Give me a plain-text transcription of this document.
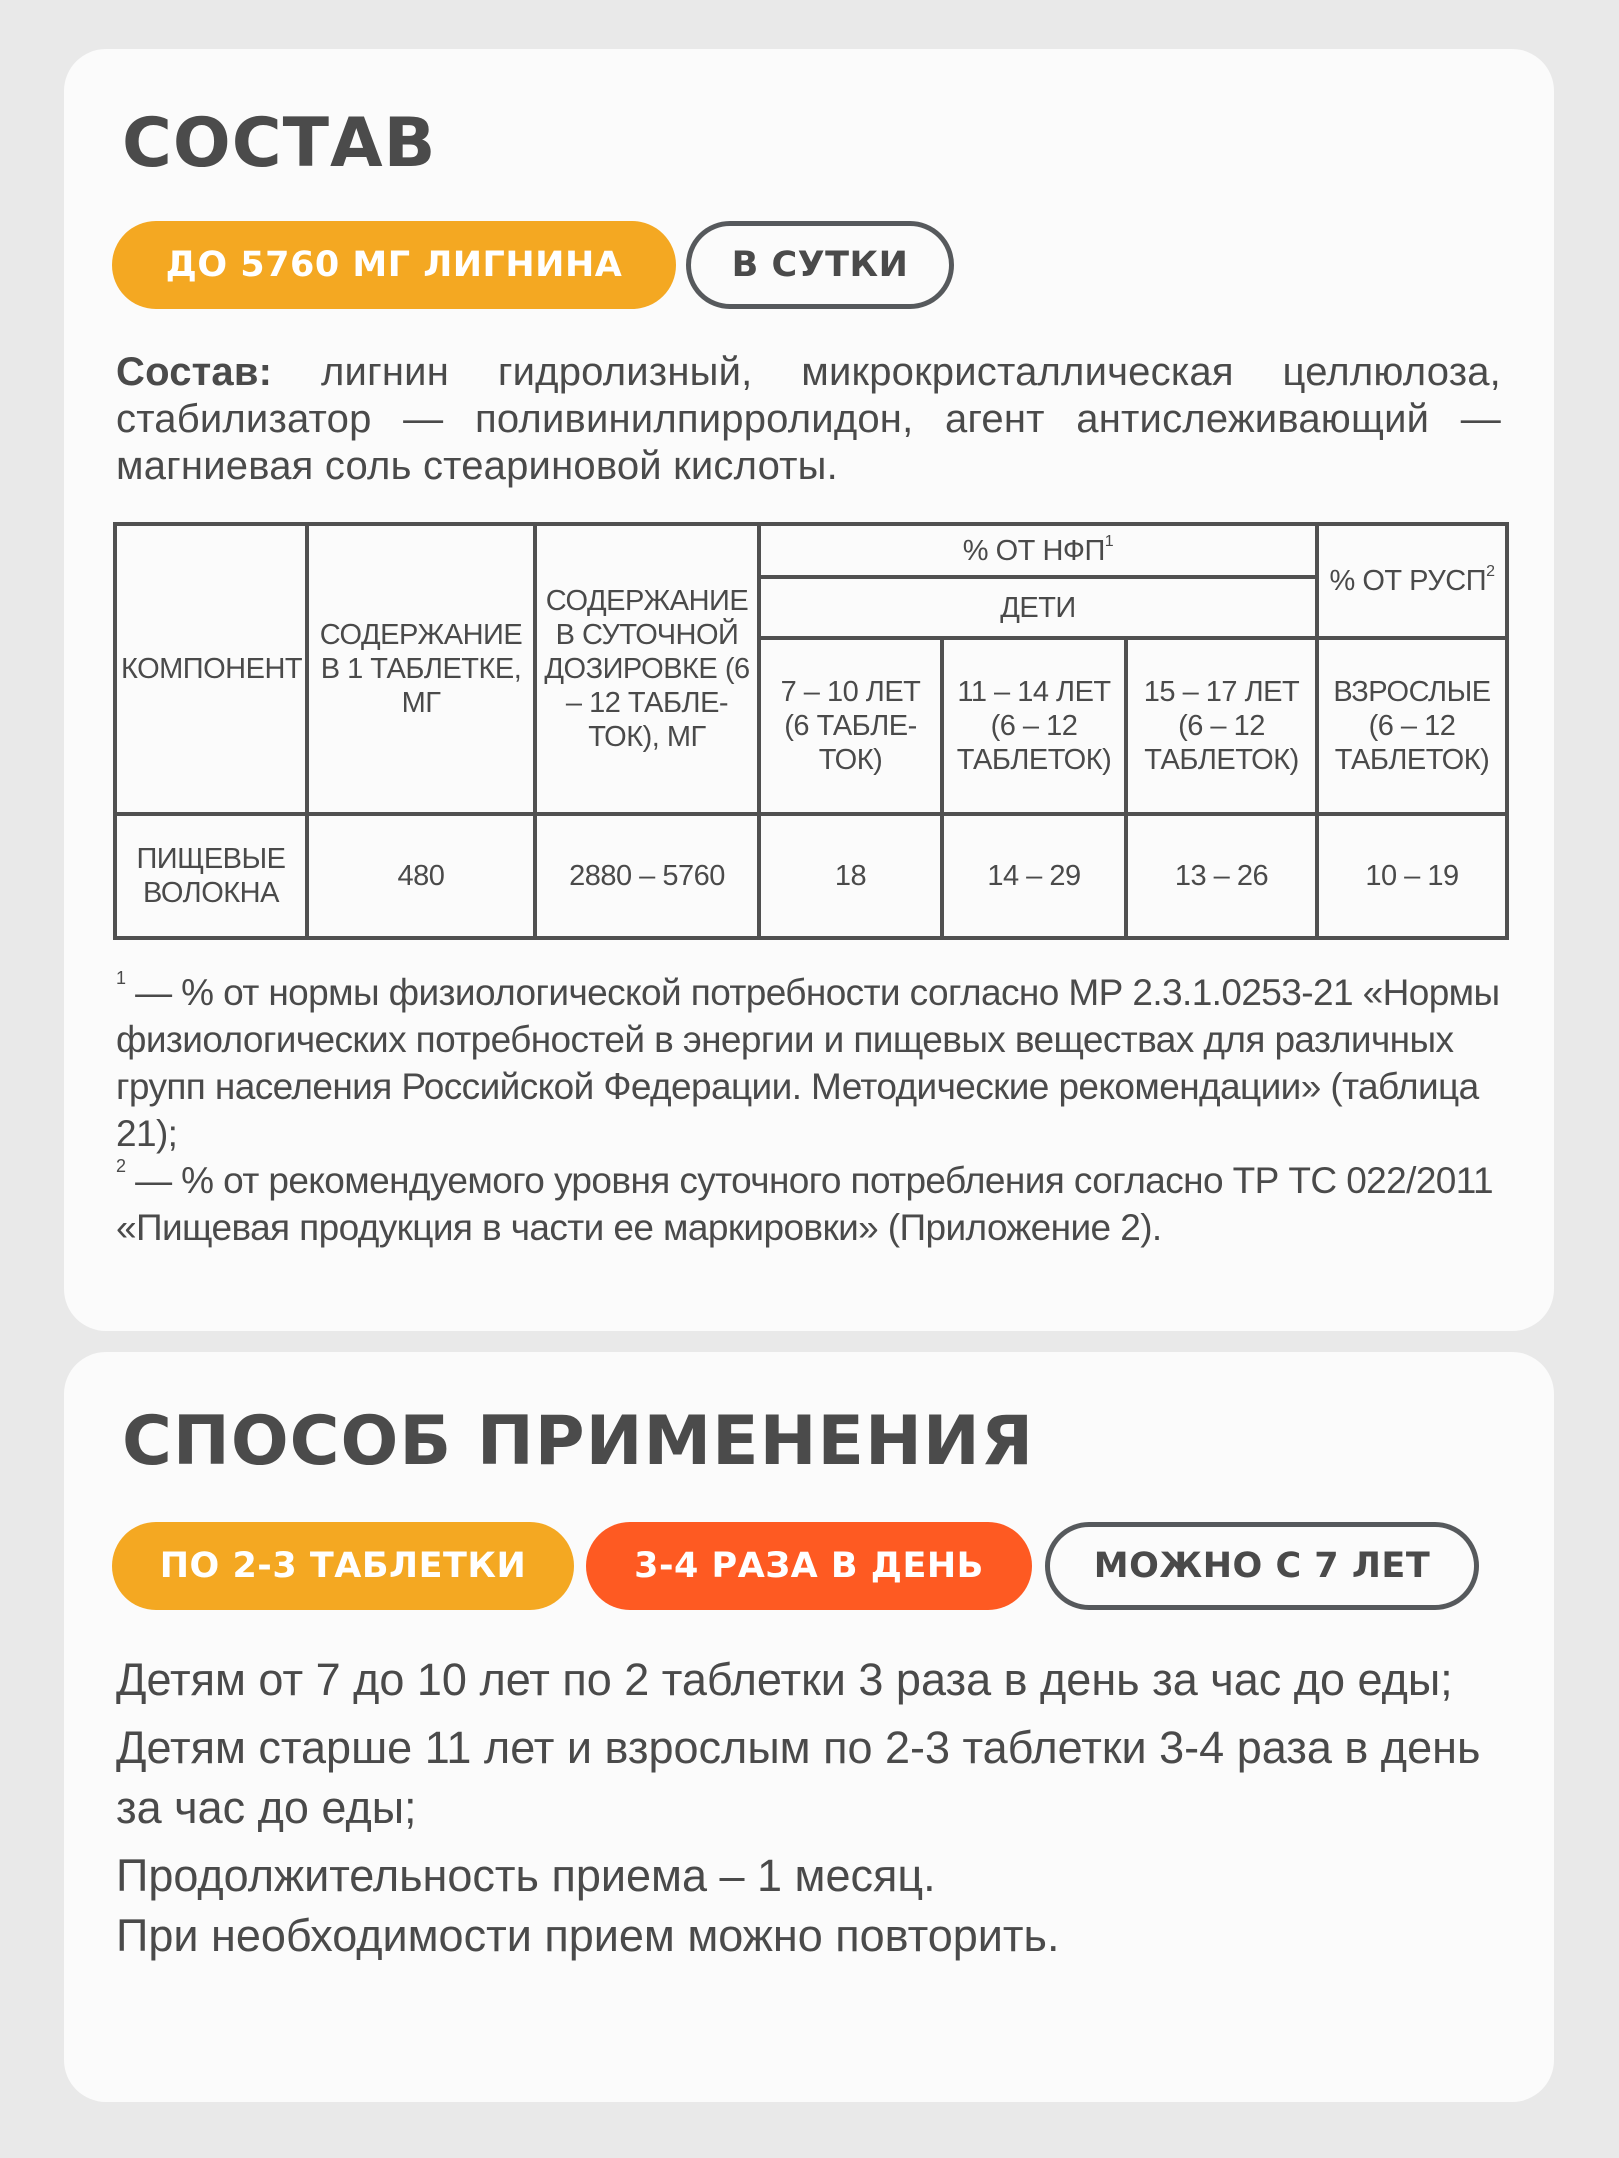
СОСТАВ
ДО 5760 МГ ЛИГНИНА	В СУТКИ

Состав: лигнин гидролизный, микрокристаллическая целлюлоза, стабилизатор — поливинилпирролидон, агент антислеживающий — магниевая соль стеариновой кислоты.

КОМПОНЕНТ	СОДЕРЖАНИЕ В 1 ТАБЛЕТКЕ, МГ	СОДЕРЖАНИЕ В СУТОЧНОЙ ДОЗИРОВКЕ (6 – 12 ТАБЛЕ-ТОК), МГ	% ОТ НФП$^1$			% ОТ РУСП$^2$
			ДЕТИ			
			7 – 10 ЛЕТ (6 ТАБЛЕ-ТОК)	11 – 14 ЛЕТ (6 – 12 ТАБЛЕТОК)	15 – 17 ЛЕТ (6 – 12 ТАБЛЕТОК)	ВЗРОСЛЫЕ (6 – 12 ТАБЛЕТОК)
ПИЩЕВЫЕ ВОЛОКНА	480	2880 – 5760	18	14 – 29	13 – 26	10 – 19

$^1$ — % от нормы физиологической потребности согласно МР 2.3.1.0253-21 «Нормы физиологических потребностей в энергии и пищевых веществах для различных групп населения Российской Федерации. Методические рекомендации» (таблица 21);
$^2$ — % от рекомендуемого уровня суточного потребления согласно ТР ТС 022/2011 «Пищевая продукция в части ее маркировки» (Приложение 2).

СПОСОБ ПРИМЕНЕНИЯ
ПО 2-3 ТАБЛЕТКИ	3-4 РАЗА В ДЕНЬ	МОЖНО С 7 ЛЕТ

Детям от 7 до 10 лет по 2 таблетки 3 раза в день за час до еды;

Детям старше 11 лет и взрослым по 2-3 таблетки 3-4 раза в день за час до еды;

Продолжительность приема – 1 месяц.

При необходимости прием можно повторить.
